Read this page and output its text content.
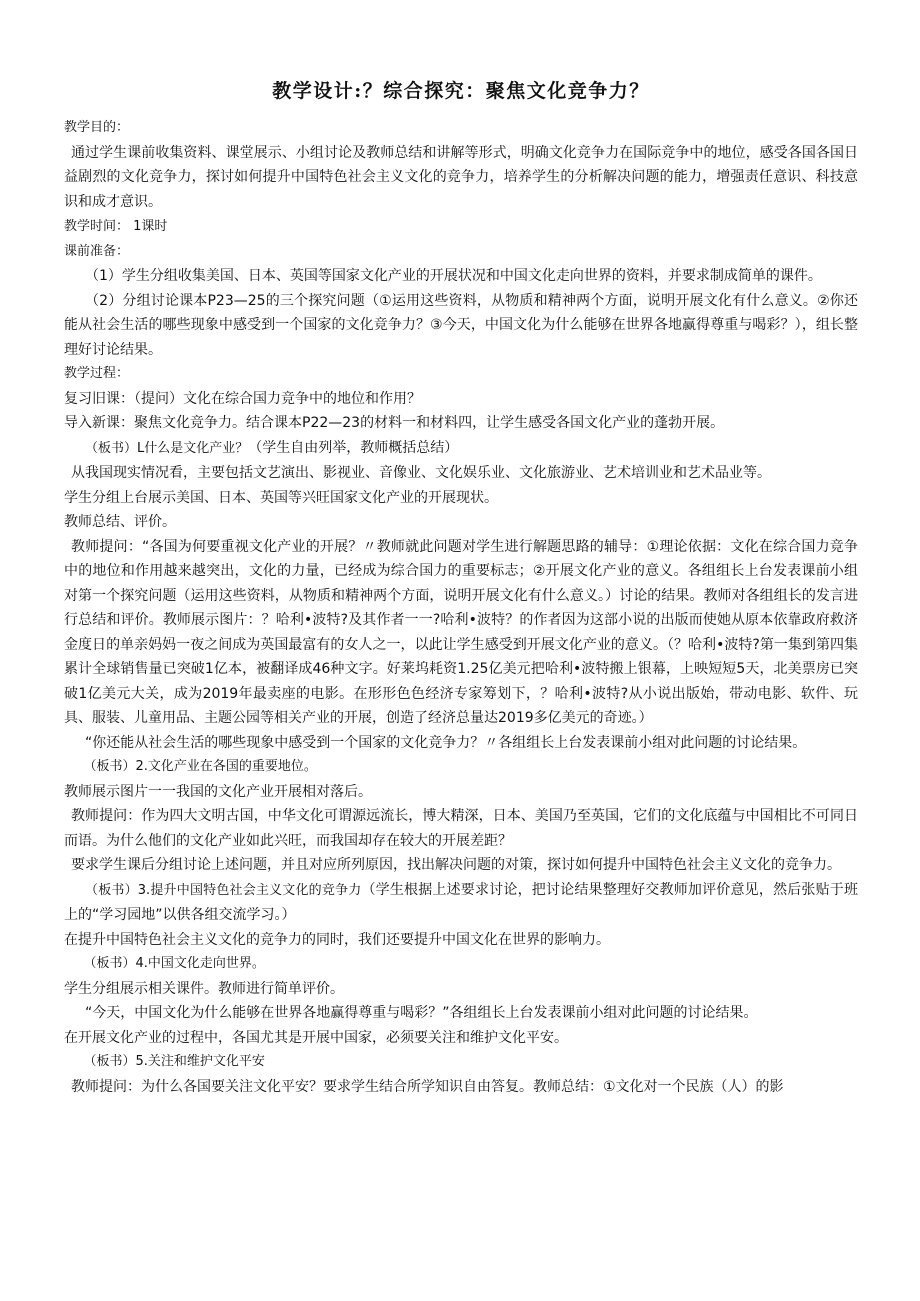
教学设计:？综合探究：聚焦文化竞争力？

教学目的：

通过学生课前收集资料、课堂展示、小组讨论及教师总结和讲解等形式，明确文化竞争力在国际竞争中的地位，感受各国各国日益剧烈的文化竞争力，探讨如何提升中国特色社会主义文化的竞争力，培养学生的分析解决问题的能力，增强责任意识、科技意识和成才意识。

教学时间： 1课时

课前准备：

（1）学生分组收集美国、日本、英国等国家文化产业的开展状况和中国文化走向世界的资料，并要求制成简单的课件。

（2）分组讨论课本P23—25的三个探究问题（①运用这些资料，从物质和精神两个方面，说明开展文化有什么意义。②你还能从社会生活的哪些现象中感受到一个国家的文化竞争力？③今天，中国文化为什么能够在世界各地赢得尊重与喝彩？），组长整理好讨论结果。

教学过程：

复习旧课：（提问）文化在综合国力竞争中的地位和作用？

导入新课：聚焦文化竞争力。结合课本P22—23的材料一和材料四，让学生感受各国文化产业的蓬勃开展。

（板书）L什么是文化产业？（学生自由列举，教师概括总结）

从我国现实情况看，主要包括文艺演出、影视业、音像业、文化娱乐业、文化旅游业、艺术培训业和艺术品业等。

学生分组上台展示美国、日本、英国等兴旺国家文化产业的开展现状。

教师总结、评价。

教师提问：“各国为何要重视文化产业的开展？〃教师就此问题对学生进行解题思路的辅导：①理论依据：文化在综合国力竞争中的地位和作用越来越突出，文化的力量，已经成为综合国力的重要标志；②开展文化产业的意义。各组组长上台发表课前小组对第一个探究问题（运用这些资料，从物质和精神两个方面，说明开展文化有什么意义。）讨论的结果。教师对各组组长的发言进行总结和评价。教师展示图片：？哈利•波特?及其作者一一?哈利•波特？的作者因为这部小说的出版而使她从原本依靠政府救济金度日的单亲妈妈一夜之间成为英国最富有的女人之一，以此让学生感受到开展文化产业的意义。（？哈利•波特?第一集到第四集累计全球销售量已突破1亿本，被翻译成46种文字。好莱坞耗资1.25亿美元把哈利•波特搬上银幕，上映短短5天，北美票房已突破1亿美元大关，成为2019年最卖座的电影。在形形色色经济专家筹划下，？哈利•波特?从小说出版始，带动电影、软件、玩具、服装、儿童用品、主题公园等相关产业的开展，创造了经济总量达2019多亿美元的奇迹。）

“你还能从社会生活的哪些现象中感受到一个国家的文化竞争力？〃各组组长上台发表课前小组对此问题的讨论结果。

（板书）2.文化产业在各国的重要地位。

教师展示图片一一我国的文化产业开展相对落后。

教师提问：作为四大文明古国，中华文化可谓源远流长，博大精深，日本、美国乃至英国，它们的文化底蕴与中国相比不可同日而语。为什么他们的文化产业如此兴旺，而我国却存在较大的开展差距？

要求学生课后分组讨论上述问题，并且对应所列原因，找出解决问题的对策，探讨如何提升中国特色社会主义文化的竞争力。

（板书）3.提升中国特色社会主义文化的竞争力（学生根据上述要求讨论，把讨论结果整理好交教师加评价意见，然后张贴于班上的“学习园地”以供各组交流学习。）

在提升中国特色社会主义文化的竞争力的同时，我们还要提升中国文化在世界的影响力。

（板书）4.中国文化走向世界。

学生分组展示相关课件。教师进行简单评价。

“今天，中国文化为什么能够在世界各地赢得尊重与喝彩？”各组组长上台发表课前小组对此问题的讨论结果。

在开展文化产业的过程中，各国尤其是开展中国家，必须要关注和维护文化平安。

（板书）5.关注和维护文化平安

教师提问：为什么各国要关注文化平安？要求学生结合所学知识自由答复。教师总结：①文化对一个民族（人）的影
